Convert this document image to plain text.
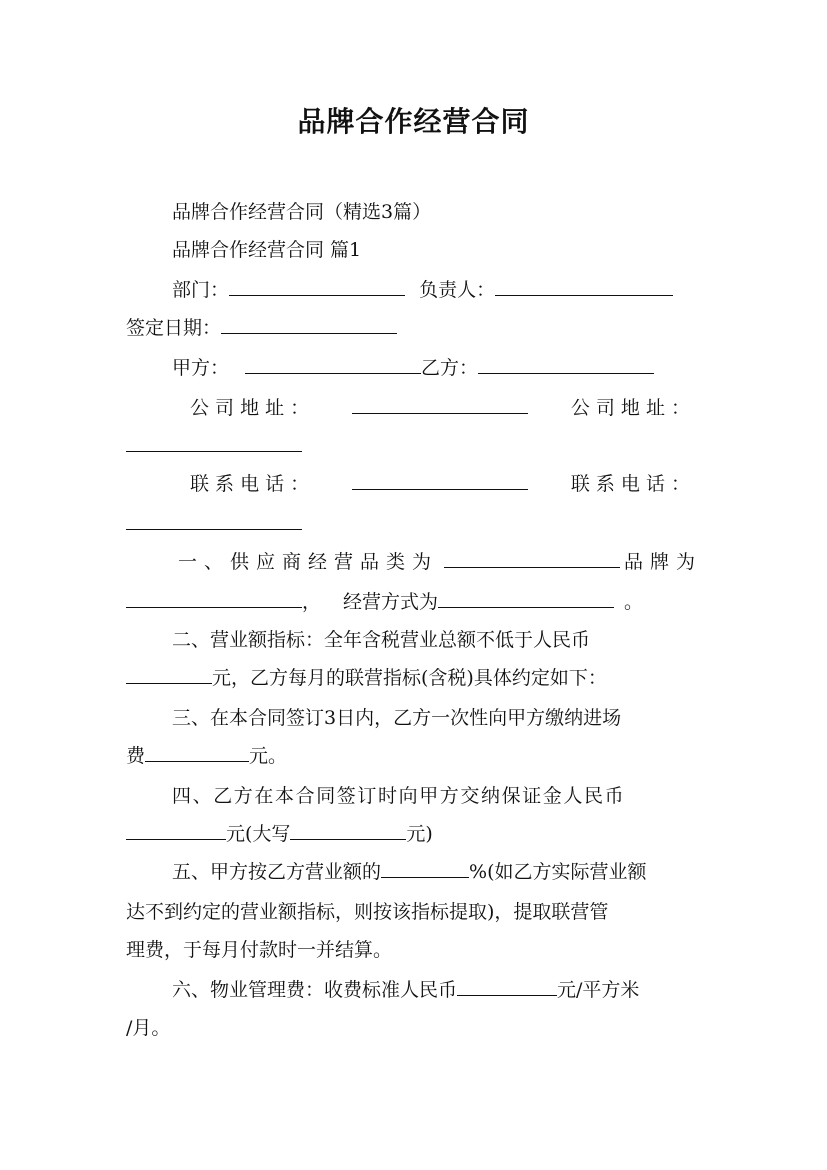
品牌合作经营合同
品牌合作经营合同（精选3篇）
品牌合作经营合同 篇1
部门：	负责人：
签定日期：
甲方：	乙方：
公 司 地 址 ：	公 司 地 址 ：
联 系 电 话 ：	联 系 电 话 ：
一、供应商经营品类为	品牌为
， 经营方式为	。
二、营业额指标：全年含税营业总额不低于人民币
元，乙方每月的联营指标(含税)具体约定如下：
三、在本合同签订3日内，乙方一次性向甲方缴纳进场
费	元。
四、乙方在本合同签订时向甲方交纳保证金人民币
元(大写	元)
五、甲方按乙方营业额的	%(如乙方实际营业额
达不到约定的营业额指标，则按该指标提取)，提取联营管
理费，于每月付款时一并结算。
六、物业管理费：收费标准人民币	元/平方米
/月。
